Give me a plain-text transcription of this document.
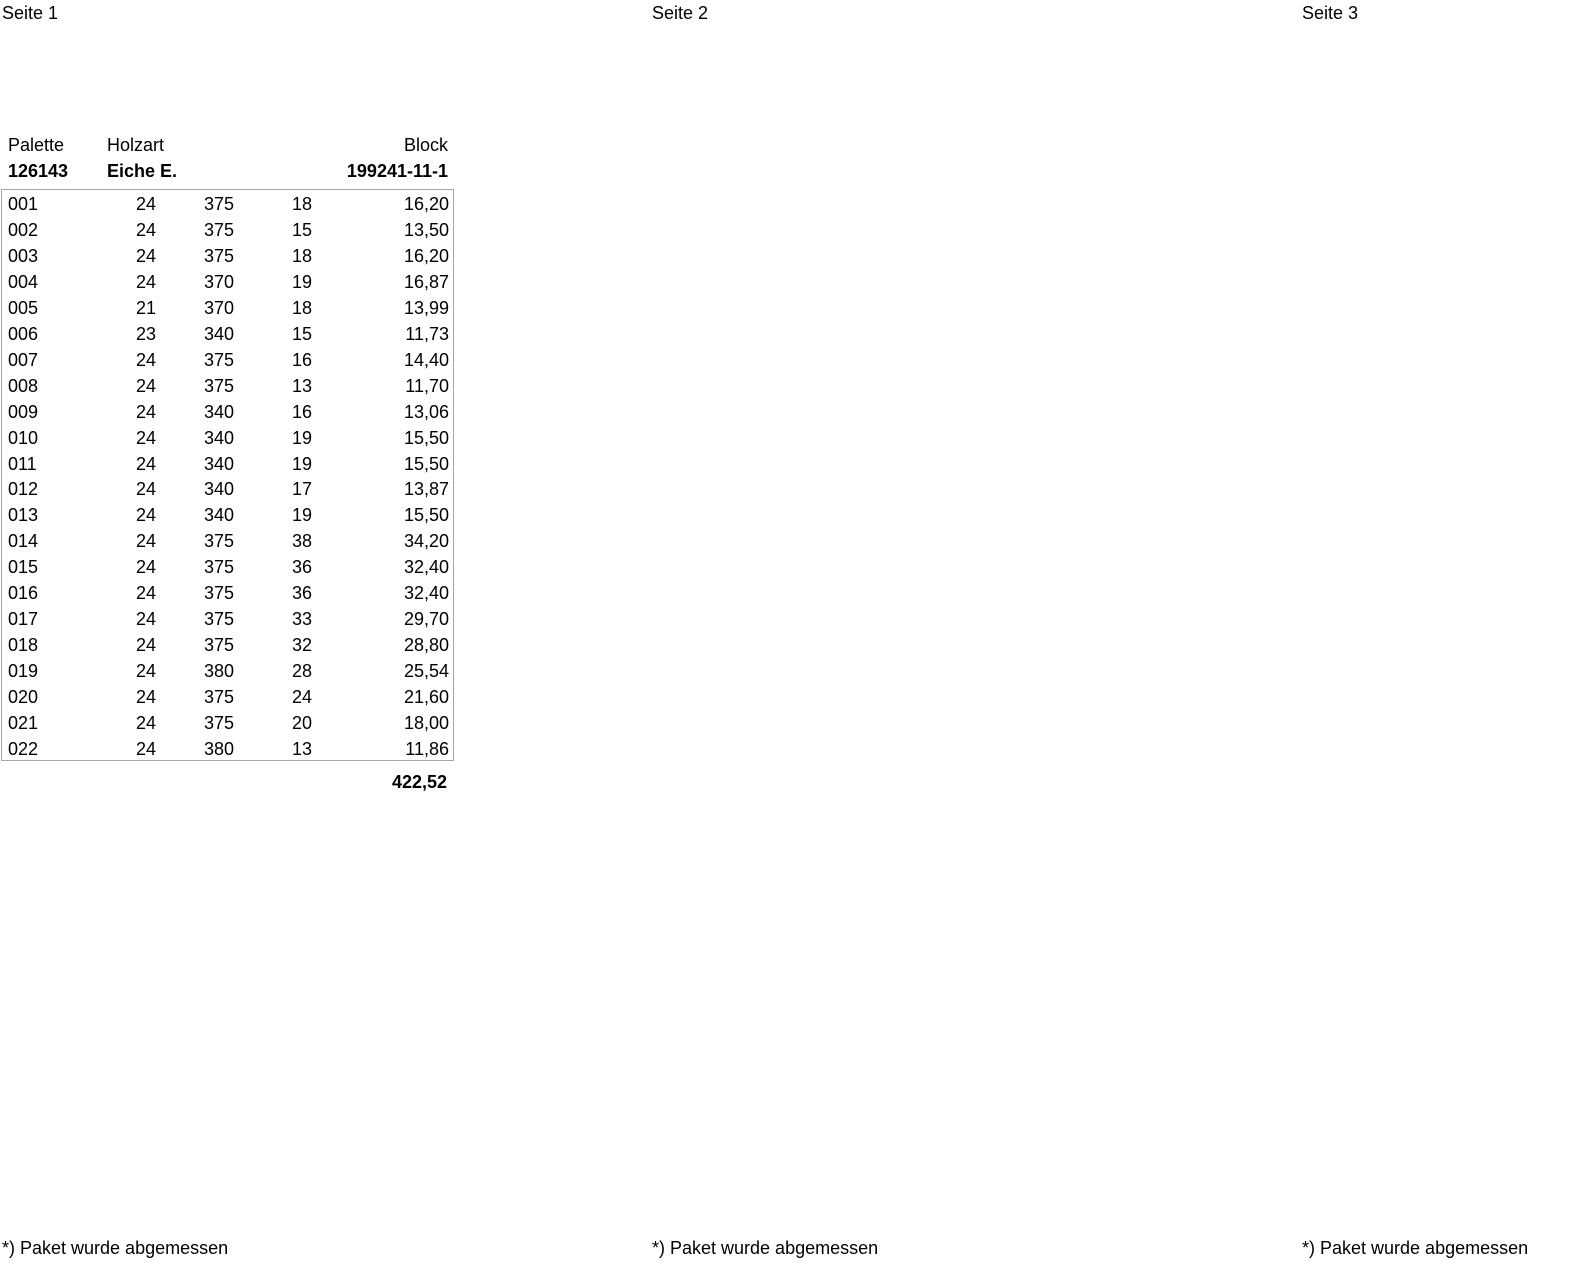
Seite 1	Seite 2	Seite 3
Palette Holzart	Block
126143 Eiche E.	199241-11-1
001	24	375	18	16,20
002	24	375	15	13,50
003	24	375	18	16,20
004	24	370	19	16,87
005	21	370	18	13,99
006	23	340	15	11,73
007	24	375	16	14,40
008	24	375	13	11,70
009	24	340	16	13,06
010	24	340	19	15,50
011	24	340	19	15,50
012	24	340	17	13,87
013	24	340	19	15,50
014	24	375	38	34,20
015	24	375	36	32,40
016	24	375	36	32,40
017	24	375	33	29,70
018	24	375	32	28,80
019	24	380	28	25,54
020	24	375	24	21,60
021	24	375	20	18,00
022	24	380	13	11,86
422,52
*) Paket wurde abgemessen	*) Paket wurde abgemessen	*) Paket wurde abgemessen
